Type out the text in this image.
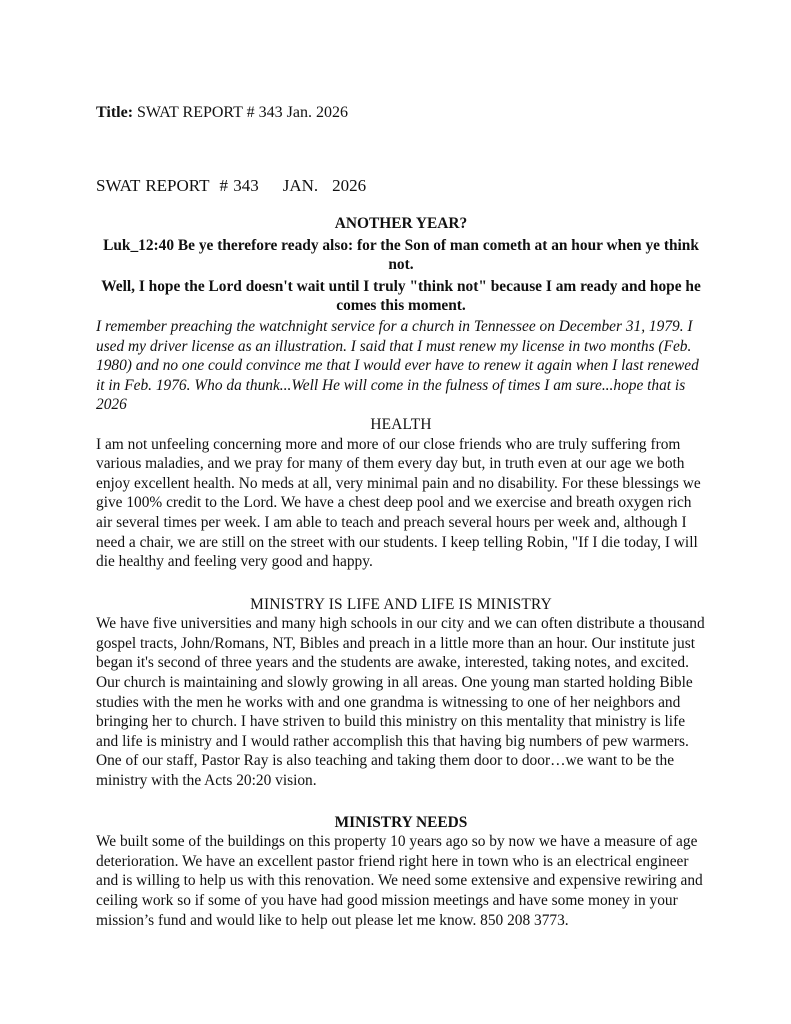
Title: SWAT REPORT # 343 Jan. 2026
SWAT REPORT # 343 JAN. 2026

ANOTHER YEAR?

Luk_12:40 Be ye therefore ready also: for the Son of man cometh at an hour when ye think not.

Well, I hope the Lord doesn't wait until I truly "think not" because I am ready and hope he comes this moment.

I remember preaching the watchnight service for a church in Tennessee on December 31, 1979. I used my driver license as an illustration. I said that I must renew my license in two months (Feb. 1980) and no one could convince me that I would ever have to renew it again when I last renewed it in Feb. 1976. Who da thunk...Well He will come in the fulness of times I am sure...hope that is 2026

HEALTH

I am not unfeeling concerning more and more of our close friends who are truly suffering from various maladies, and we pray for many of them every day but, in truth even at our age we both enjoy excellent health. No meds at all, very minimal pain and no disability. For these blessings we give 100% credit to the Lord. We have a chest deep pool and we exercise and breath oxygen rich air several times per week. I am able to teach and preach several hours per week and, although I need a chair, we are still on the street with our students. I keep telling Robin, "If I die today, I will die healthy and feeling very good and happy.

MINISTRY IS LIFE AND LIFE IS MINISTRY

We have five universities and many high schools in our city and we can often distribute a thousand gospel tracts, John/Romans, NT, Bibles and preach in a little more than an hour. Our institute just began it's second of three years and the students are awake, interested, taking notes, and excited. Our church is maintaining and slowly growing in all areas. One young man started holding Bible studies with the men he works with and one grandma is witnessing to one of her neighbors and bringing her to church. I have striven to build this ministry on this mentality that ministry is life and life is ministry and I would rather accomplish this that having big numbers of pew warmers. One of our staff, Pastor Ray is also teaching and taking them door to door…we want to be the ministry with the Acts 20:20 vision.

MINISTRY NEEDS

We built some of the buildings on this property 10 years ago so by now we have a measure of age deterioration. We have an excellent pastor friend right here in town who is an electrical engineer and is willing to help us with this renovation. We need some extensive and expensive rewiring and ceiling work so if some of you have had good mission meetings and have some money in your mission’s fund and would like to help out please let me know. 850 208 3773.
